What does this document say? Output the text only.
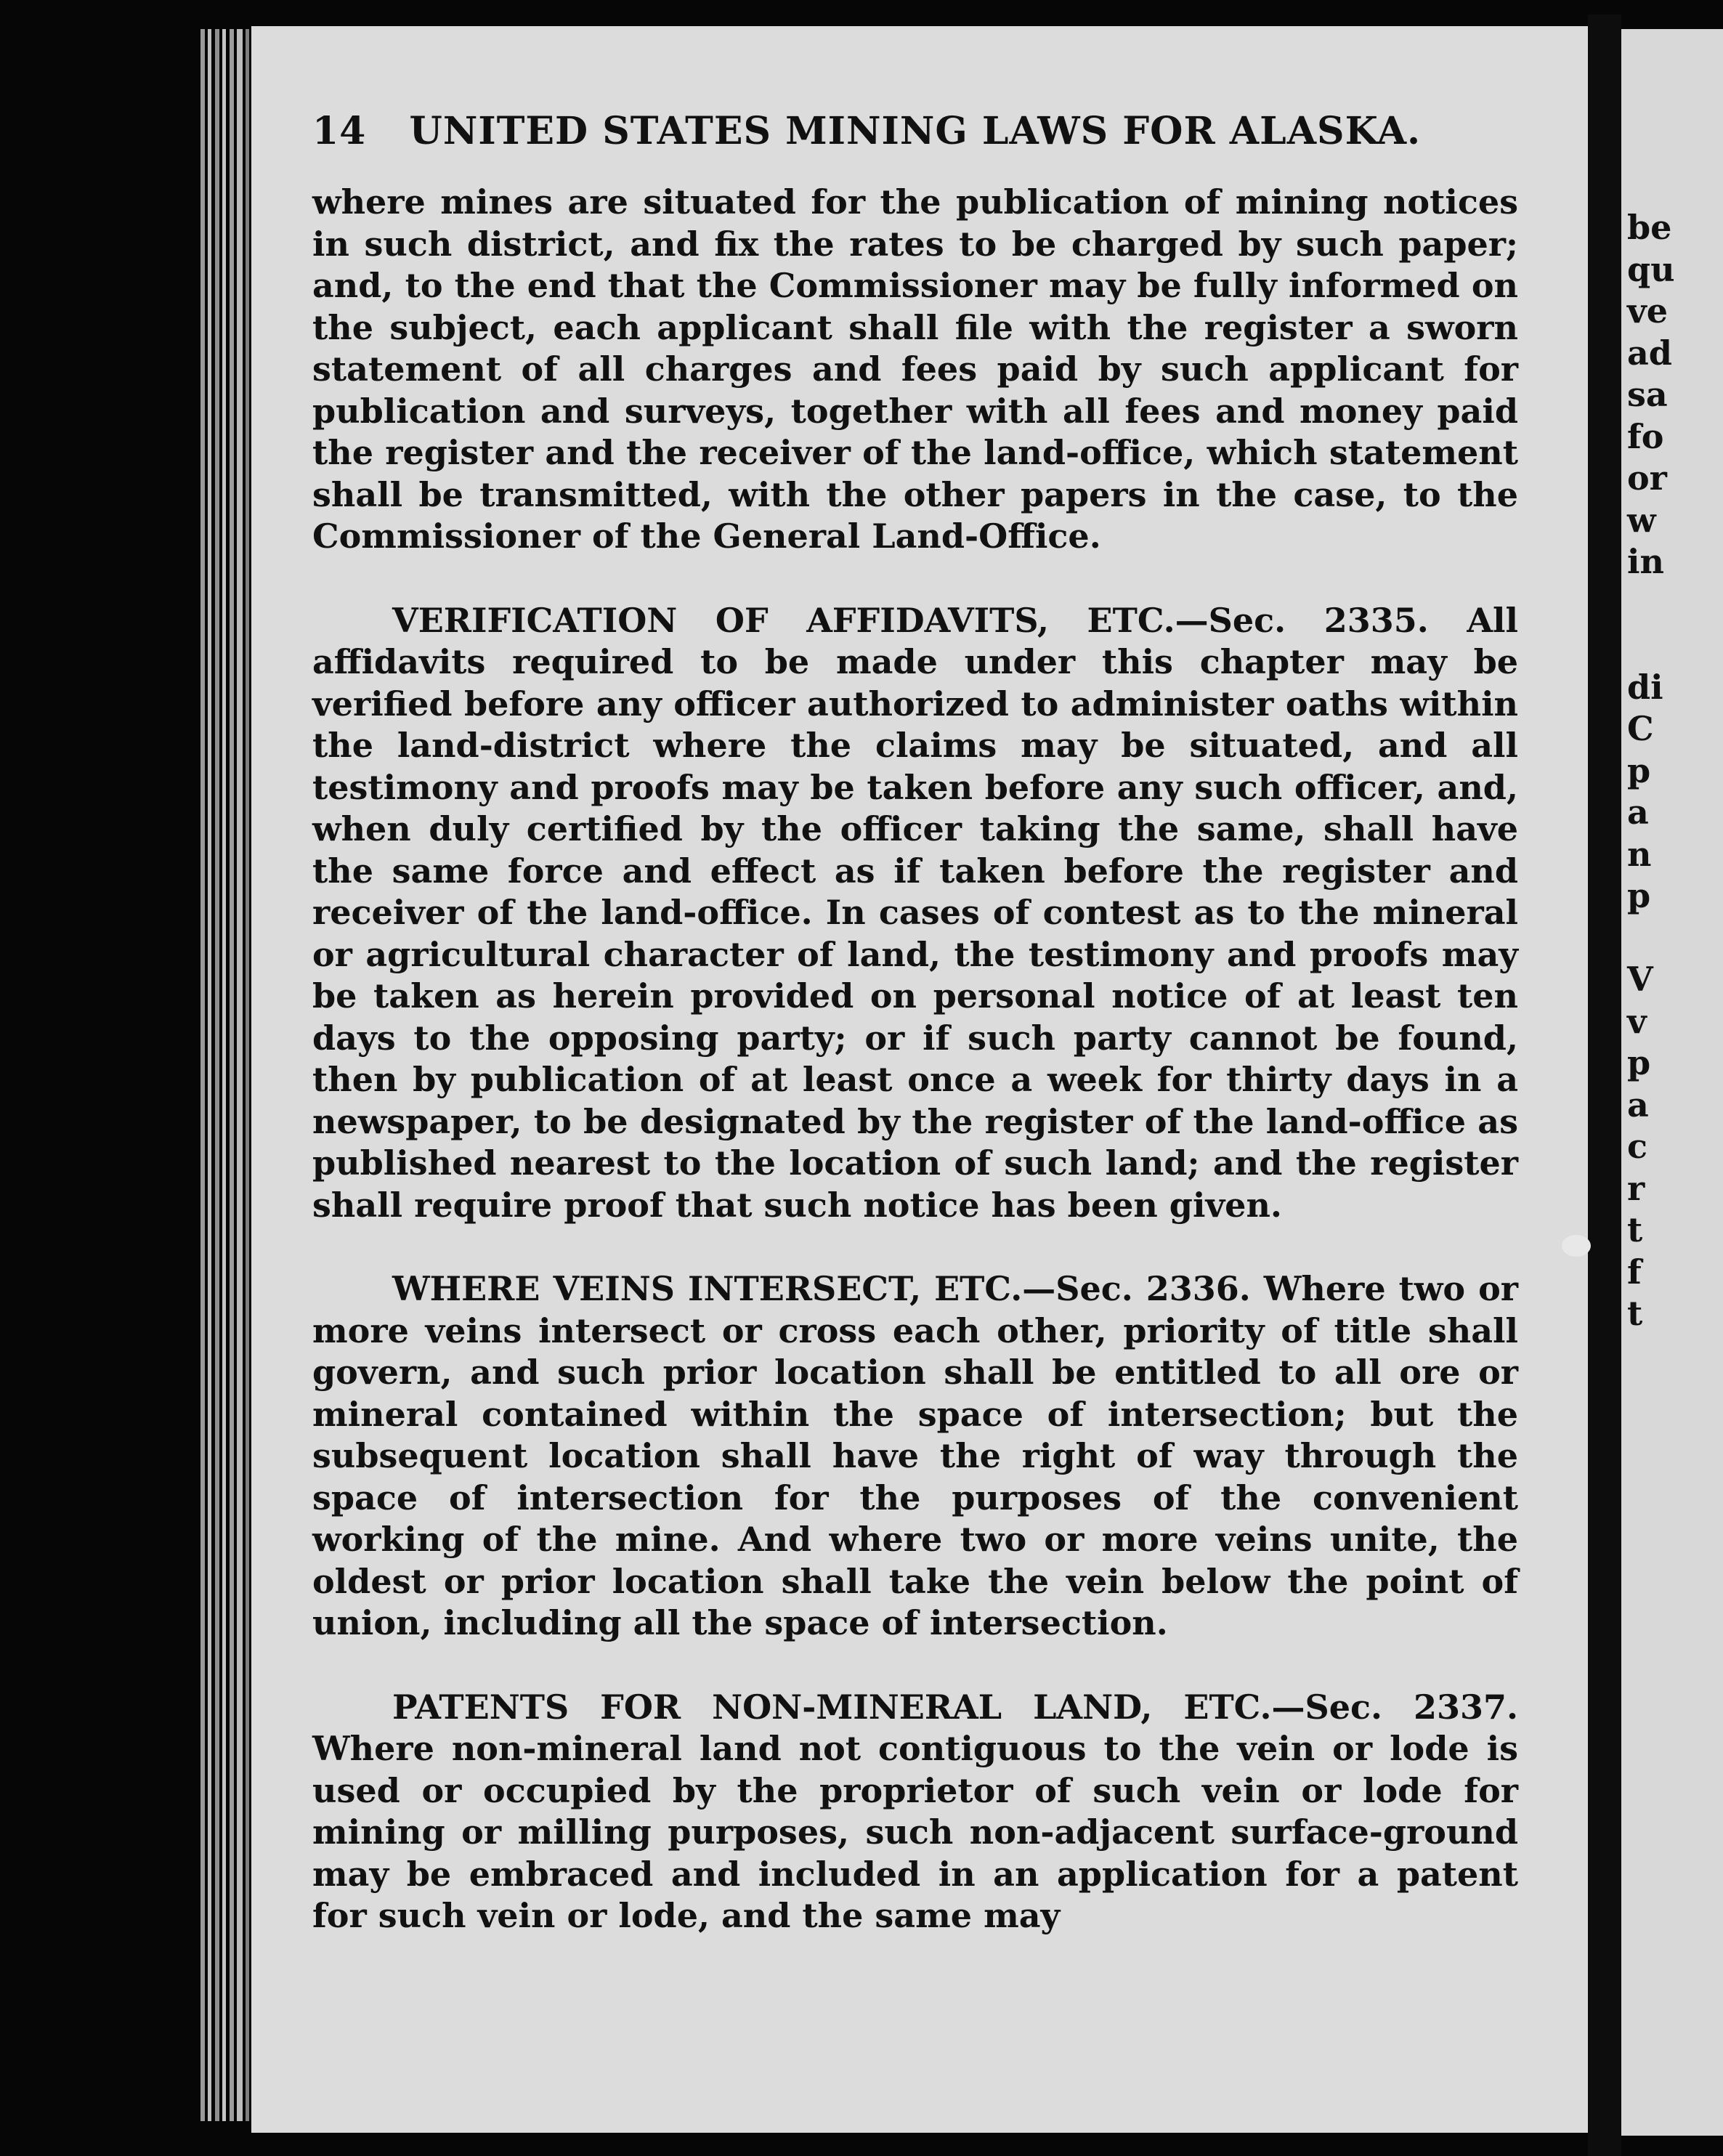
14 UNITED STATES MINING LAWS FOR ALASKA.

where mines are situated for the publication of mining notices in such district, and fix the rates to be charged by such paper; and, to the end that the Commissioner may be fully informed on the subject, each applicant shall file with the register a sworn statement of all charges and fees paid by such applicant for publication and surveys, together with all fees and money paid the register and the receiver of the land-office, which statement shall be transmitted, with the other papers in the case, to the Commissioner of the General Land-Office.

VERIFICATION OF AFFIDAVITS, ETC.—Sec. 2335. All affidavits required to be made under this chapter may be verified before any officer authorized to administer oaths within the land-district where the claims may be situated, and all testimony and proofs may be taken before any such officer, and, when duly certified by the officer taking the same, shall have the same force and effect as if taken before the register and receiver of the land-office. In cases of contest as to the mineral or agricultural character of land, the testimony and proofs may be taken as herein provided on personal notice of at least ten days to the opposing party; or if such party cannot be found, then by publication of at least once a week for thirty days in a newspaper, to be designated by the register of the land-office as published nearest to the location of such land; and the register shall require proof that such notice has been given.

WHERE VEINS INTERSECT, ETC.—Sec. 2336. Where two or more veins intersect or cross each other, priority of title shall govern, and such prior location shall be entitled to all ore or mineral contained within the space of intersection; but the subsequent location shall have the right of way through the space of intersection for the purposes of the convenient working of the mine. And where two or more veins unite, the oldest or prior location shall take the vein below the point of union, including all the space of intersection.

PATENTS FOR NON-MINERAL LAND, ETC.—Sec. 2337. Where non-mineral land not contiguous to the vein or lode is used or occupied by the proprietor of such vein or lode for mining or milling purposes, such non-adjacent surface-ground may be embraced and included in an application for a patent for such vein or lode, and the same may

be
qu
ve
ad
sa
fo
or
w
in
di
C
p
a
n
p
V
v
p
a
c
r
t
f
t
